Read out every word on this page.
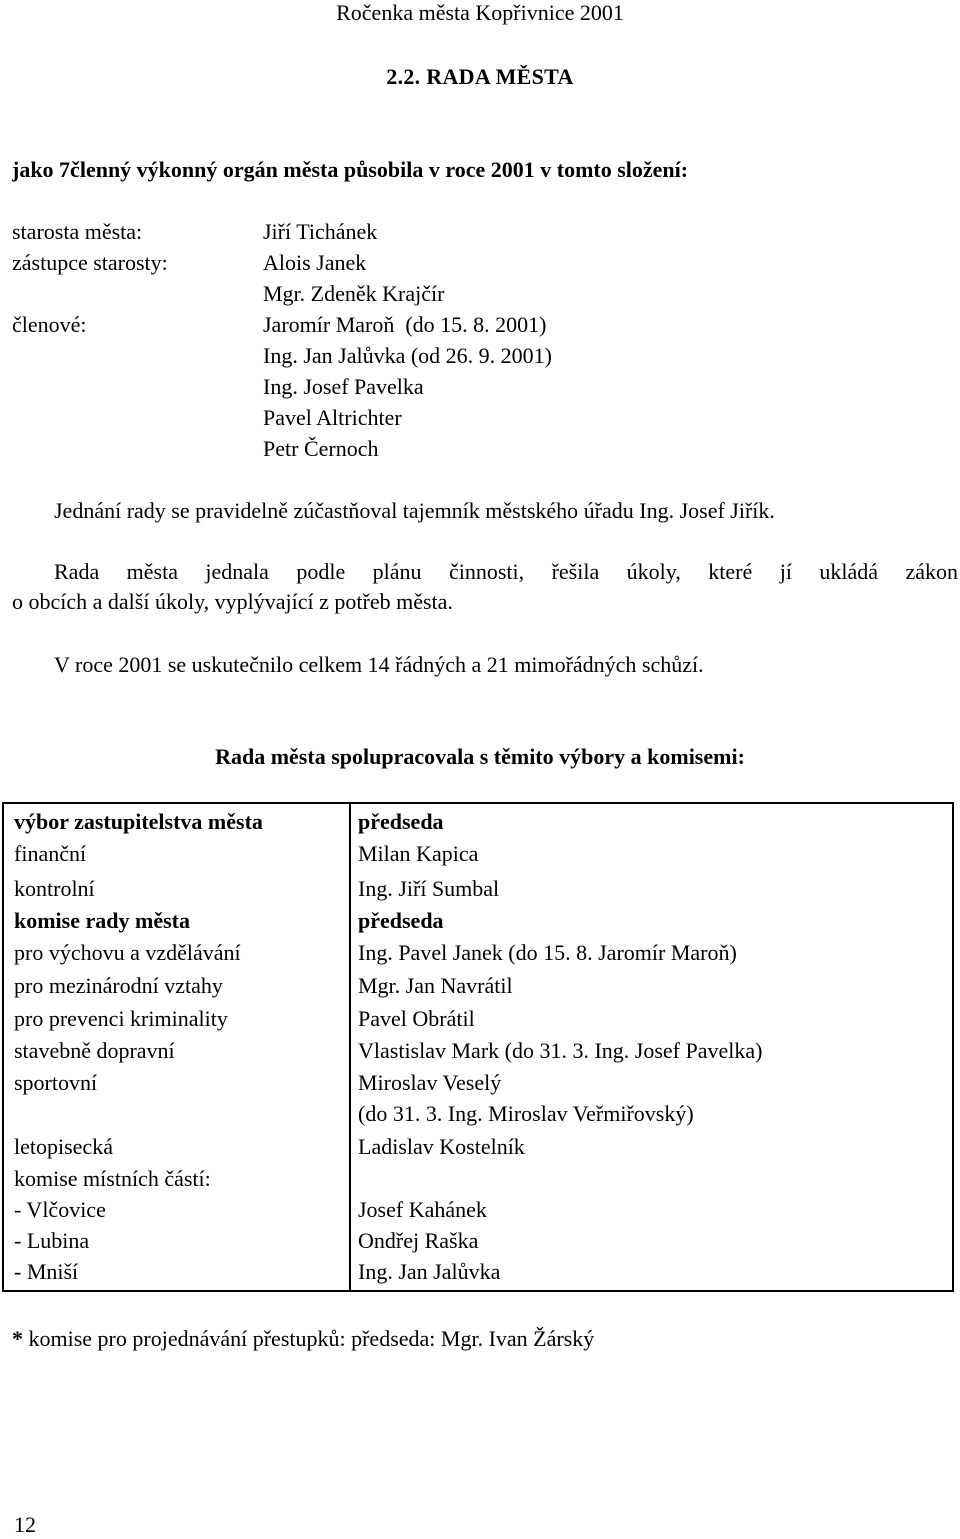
Ročenka města Kopřivnice 2001
2.2. RADA MĚSTA
jako 7členný výkonný orgán města působila v roce 2001 v tomto složení:
starosta města:	Jiří Tichánek
zástupce starosty:	Alois Janek
Mgr. Zdeněk Krajčír
členové:	Jaromír Maroň  (do 15. 8. 2001)
Ing. Jan Jalůvka (od 26. 9. 2001)
Ing. Josef Pavelka
Pavel Altrichter
Petr Černoch
Jednání rady se pravidelně zúčastňoval tajemník městského úřadu Ing. Josef Jiřík.
Rada města jednala podle plánu činnosti, řešila úkoly, které jí ukládá zákon
o obcích a další úkoly, vyplývající z potřeb města.
V roce 2001 se uskutečnilo celkem 14 řádných a 21 mimořádných schůzí.
Rada města spolupracovala s těmito výbory a komisemi:
výbor zastupitelstva města	předseda
finanční	Milan Kapica
kontrolní	Ing. Jiří Sumbal
komise rady města	předseda
pro výchovu a vzdělávání	Ing. Pavel Janek (do 15. 8. Jaromír Maroň)
pro mezinárodní vztahy	Mgr. Jan Navrátil
pro prevenci kriminality	Pavel Obrátil
stavebně dopravní	Vlastislav Mark (do 31. 3. Ing. Josef Pavelka)
sportovní	Miroslav Veselý
(do 31. 3. Ing. Miroslav Veřmiřovský)
letopisecká	Ladislav Kostelník
komise místních částí:
- Vlčovice	Josef Kahánek
- Lubina	Ondřej Raška
- Mniší	Ing. Jan Jalůvka
* komise pro projednávání přestupků: předseda: Mgr. Ivan Žárský
12
